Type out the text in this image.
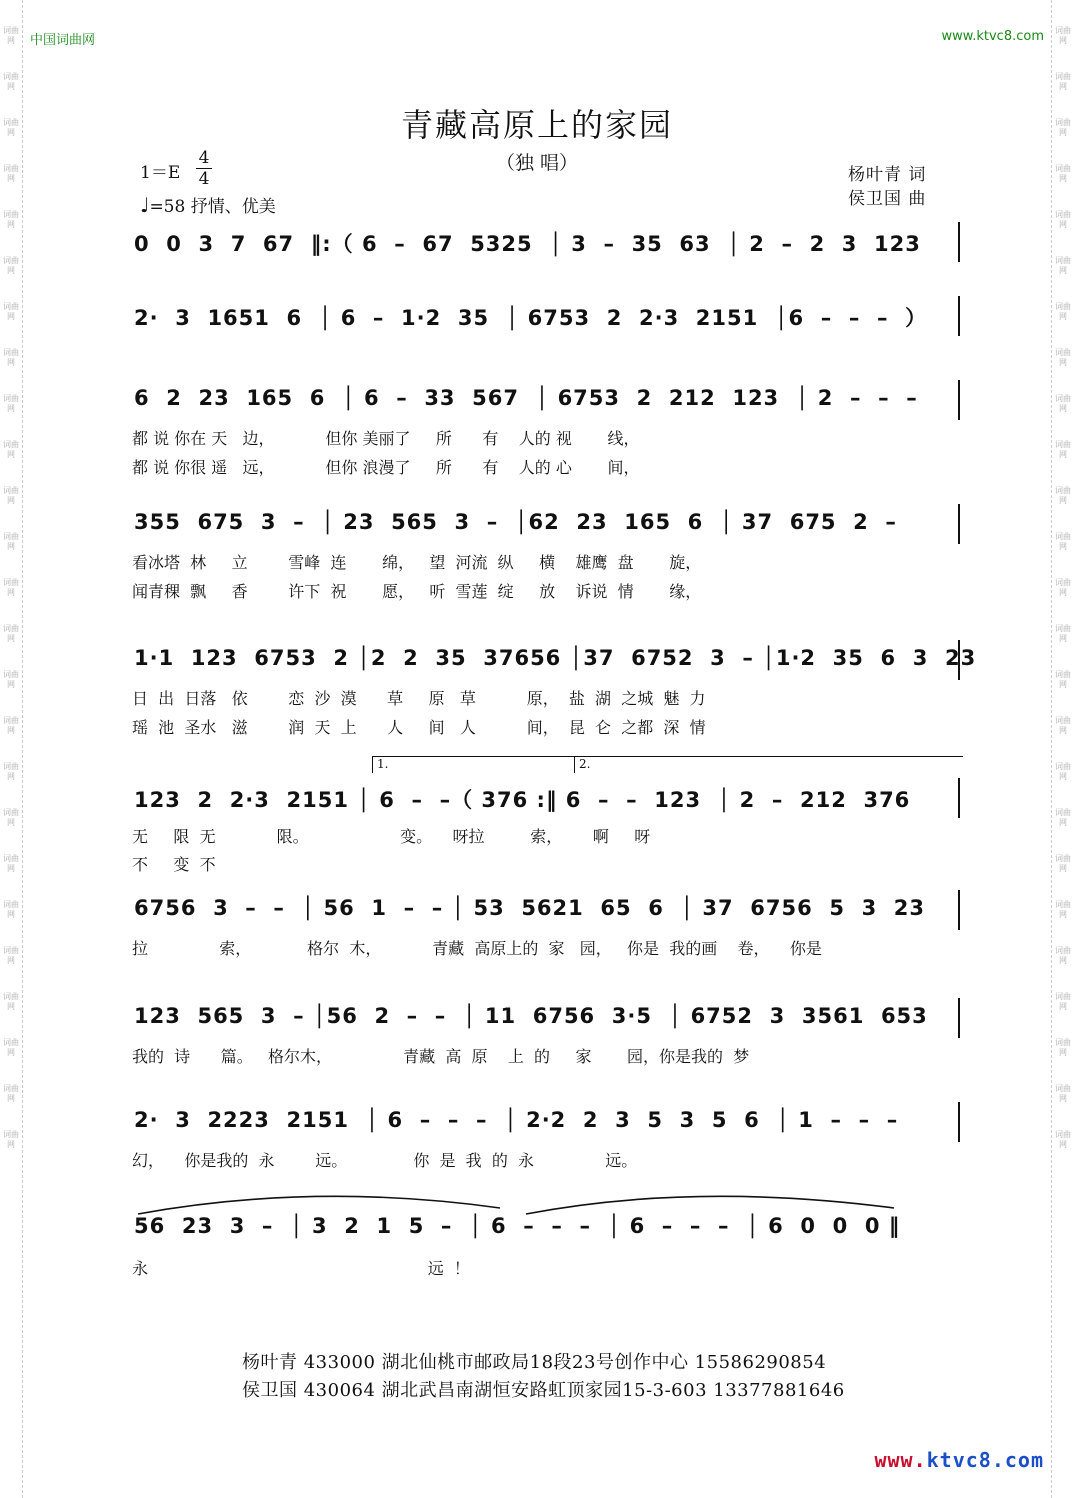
词曲网
词曲网
词曲网
词曲网
词曲网
词曲网
词曲网
词曲网
词曲网
词曲网
词曲网
词曲网
词曲网
词曲网
词曲网
词曲网
词曲网
词曲网
词曲网
词曲网
词曲网
词曲网
词曲网
词曲网
词曲网
词曲网
词曲网
词曲网
词曲网
词曲网
词曲网
词曲网
词曲网
词曲网
词曲网
词曲网
词曲网
词曲网
词曲网
词曲网
词曲网
词曲网
词曲网
词曲网
词曲网
词曲网
词曲网
词曲网
词曲网
词曲网
中国词曲网	www.ktvc8.com
青藏高原上的家园
（独 唱）
1＝E
4
4
♩=58 抒情、优美
杨叶青 词
侯卫国 曲

0  0  3  7  67  ‖:（ 6  –  67  5325  │ 3  –  35  63  │ 2  –  2  3  123

2·  3  1651  6  │ 6  –  1·2  35  │ 6753  2  2·3  2151  │6  –  –  –  ）

6  2  23  165  6  │ 6  –  33  567  │ 6753  2  212  123  │ 2  –  –  –

都 说 你在 天   边，          但你 美丽了     所      有    人的 视       线，
都 说 你很 遥   远，          但你 浪漫了     所      有    人的 心       间，

355  675  3  –  │ 23  565  3  –  │62  23  165  6  │ 37  675  2  –

看冰塔  林     立        雪峰  连       绵，   望  河流  纵     横    雄鹰  盘       旋，
闻青稞  飘     香        许下  祝       愿，   听  雪莲  绽     放    诉说  情       缘，

1·1  123  6753  2 │2  2  35  37656 │37  6752  3  – │1·2  35  6  3  23

日  出  日落   依        恋  沙  漠      草     原   草          原，  盐  湖  之城  魅  力
瑶  池  圣水   滋        润  天  上      人     间   人          间，  昆  仑  之都  深  情
1.	2.

123  2  2·3  2151 │ 6  –  –（ 376 :‖ 6  –  –  123  │ 2  –  212  376

无     限  无            限。                  变。    呀拉         索，      啊     呀
不     变  不

6756  3  –  –  │ 56  1  –  – │ 53  5621  65  6  │ 37  6756  5  3  23

拉              索，           格尔  木，          青藏  高原上的  家   园，   你是  我的画    卷，    你是

123  565  3  – │56  2  –  –  │ 11  6756  3·5  │ 6752  3  3561  653

我的  诗      篇。   格尔木，              青藏  高  原    上  的     家       园，你是我的  梦

2·  3  2223  2151  │ 6  –  –  –  │ 2·2  2  3  5  3  5  6  │ 1  –  –  –

幻，    你是我的  永        远。             你  是  我  的  永              远。

56  23  3  –  │ 3  2  1  5  –  │ 6  –  –  –  │ 6  –  –  –  │ 6  0  0  0 ‖

永                                                       远  ！
杨叶青 433000 湖北仙桃市邮政局18段23号创作中心 15586290854
侯卫国 430064 湖北武昌南湖恒安路虹顶家园15-3-603 13377881646
www.ktvc8.com
